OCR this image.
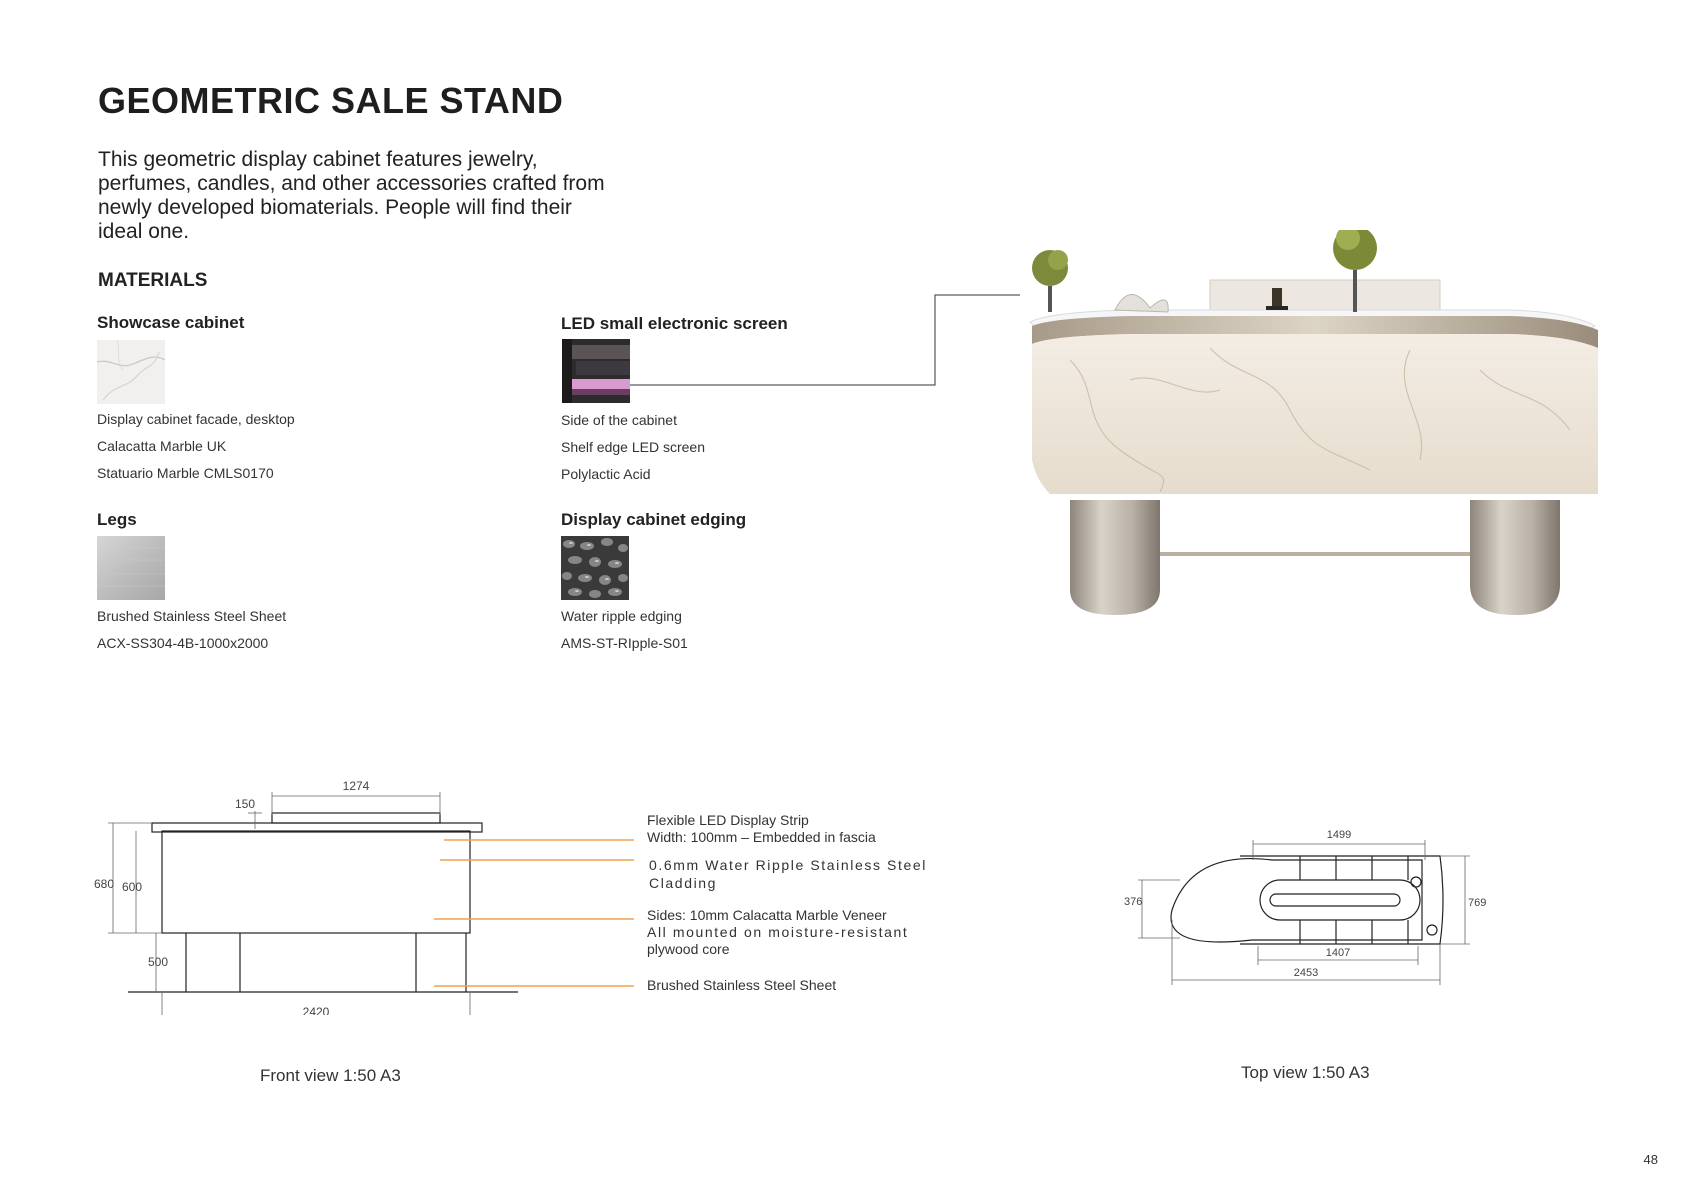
GEOMETRIC SALE STAND
This geometric display cabinet features jewelry, perfumes, candles, and other accessories crafted from newly developed biomaterials. People will find their ideal one.
MATERIALS
Showcase cabinet
Display cabinet facade, desktop
Calacatta Marble UK
Statuario Marble CMLS0170
LED small electronic screen
Side of the cabinet
Shelf edge LED screen
Polylactic Acid
Legs
Brushed Stainless Steel Sheet
ACX-SS304-4B-1000x2000
Display cabinet edging
Water ripple edging
AMS-ST-RIpple-S01
1274
150
680 600
500
2420
Flexible LED Display Strip
Width: 100mm – Embedded in fascia
0.6mm Water Ripple Stainless Steel
Cladding
Sides: 10mm Calacatta Marble Veneer
All mounted on moisture-resistant
plywood core
Brushed Stainless Steel Sheet
Front view 1:50 A3
1499
376	769
1407
2453
Top view 1:50 A3
48
